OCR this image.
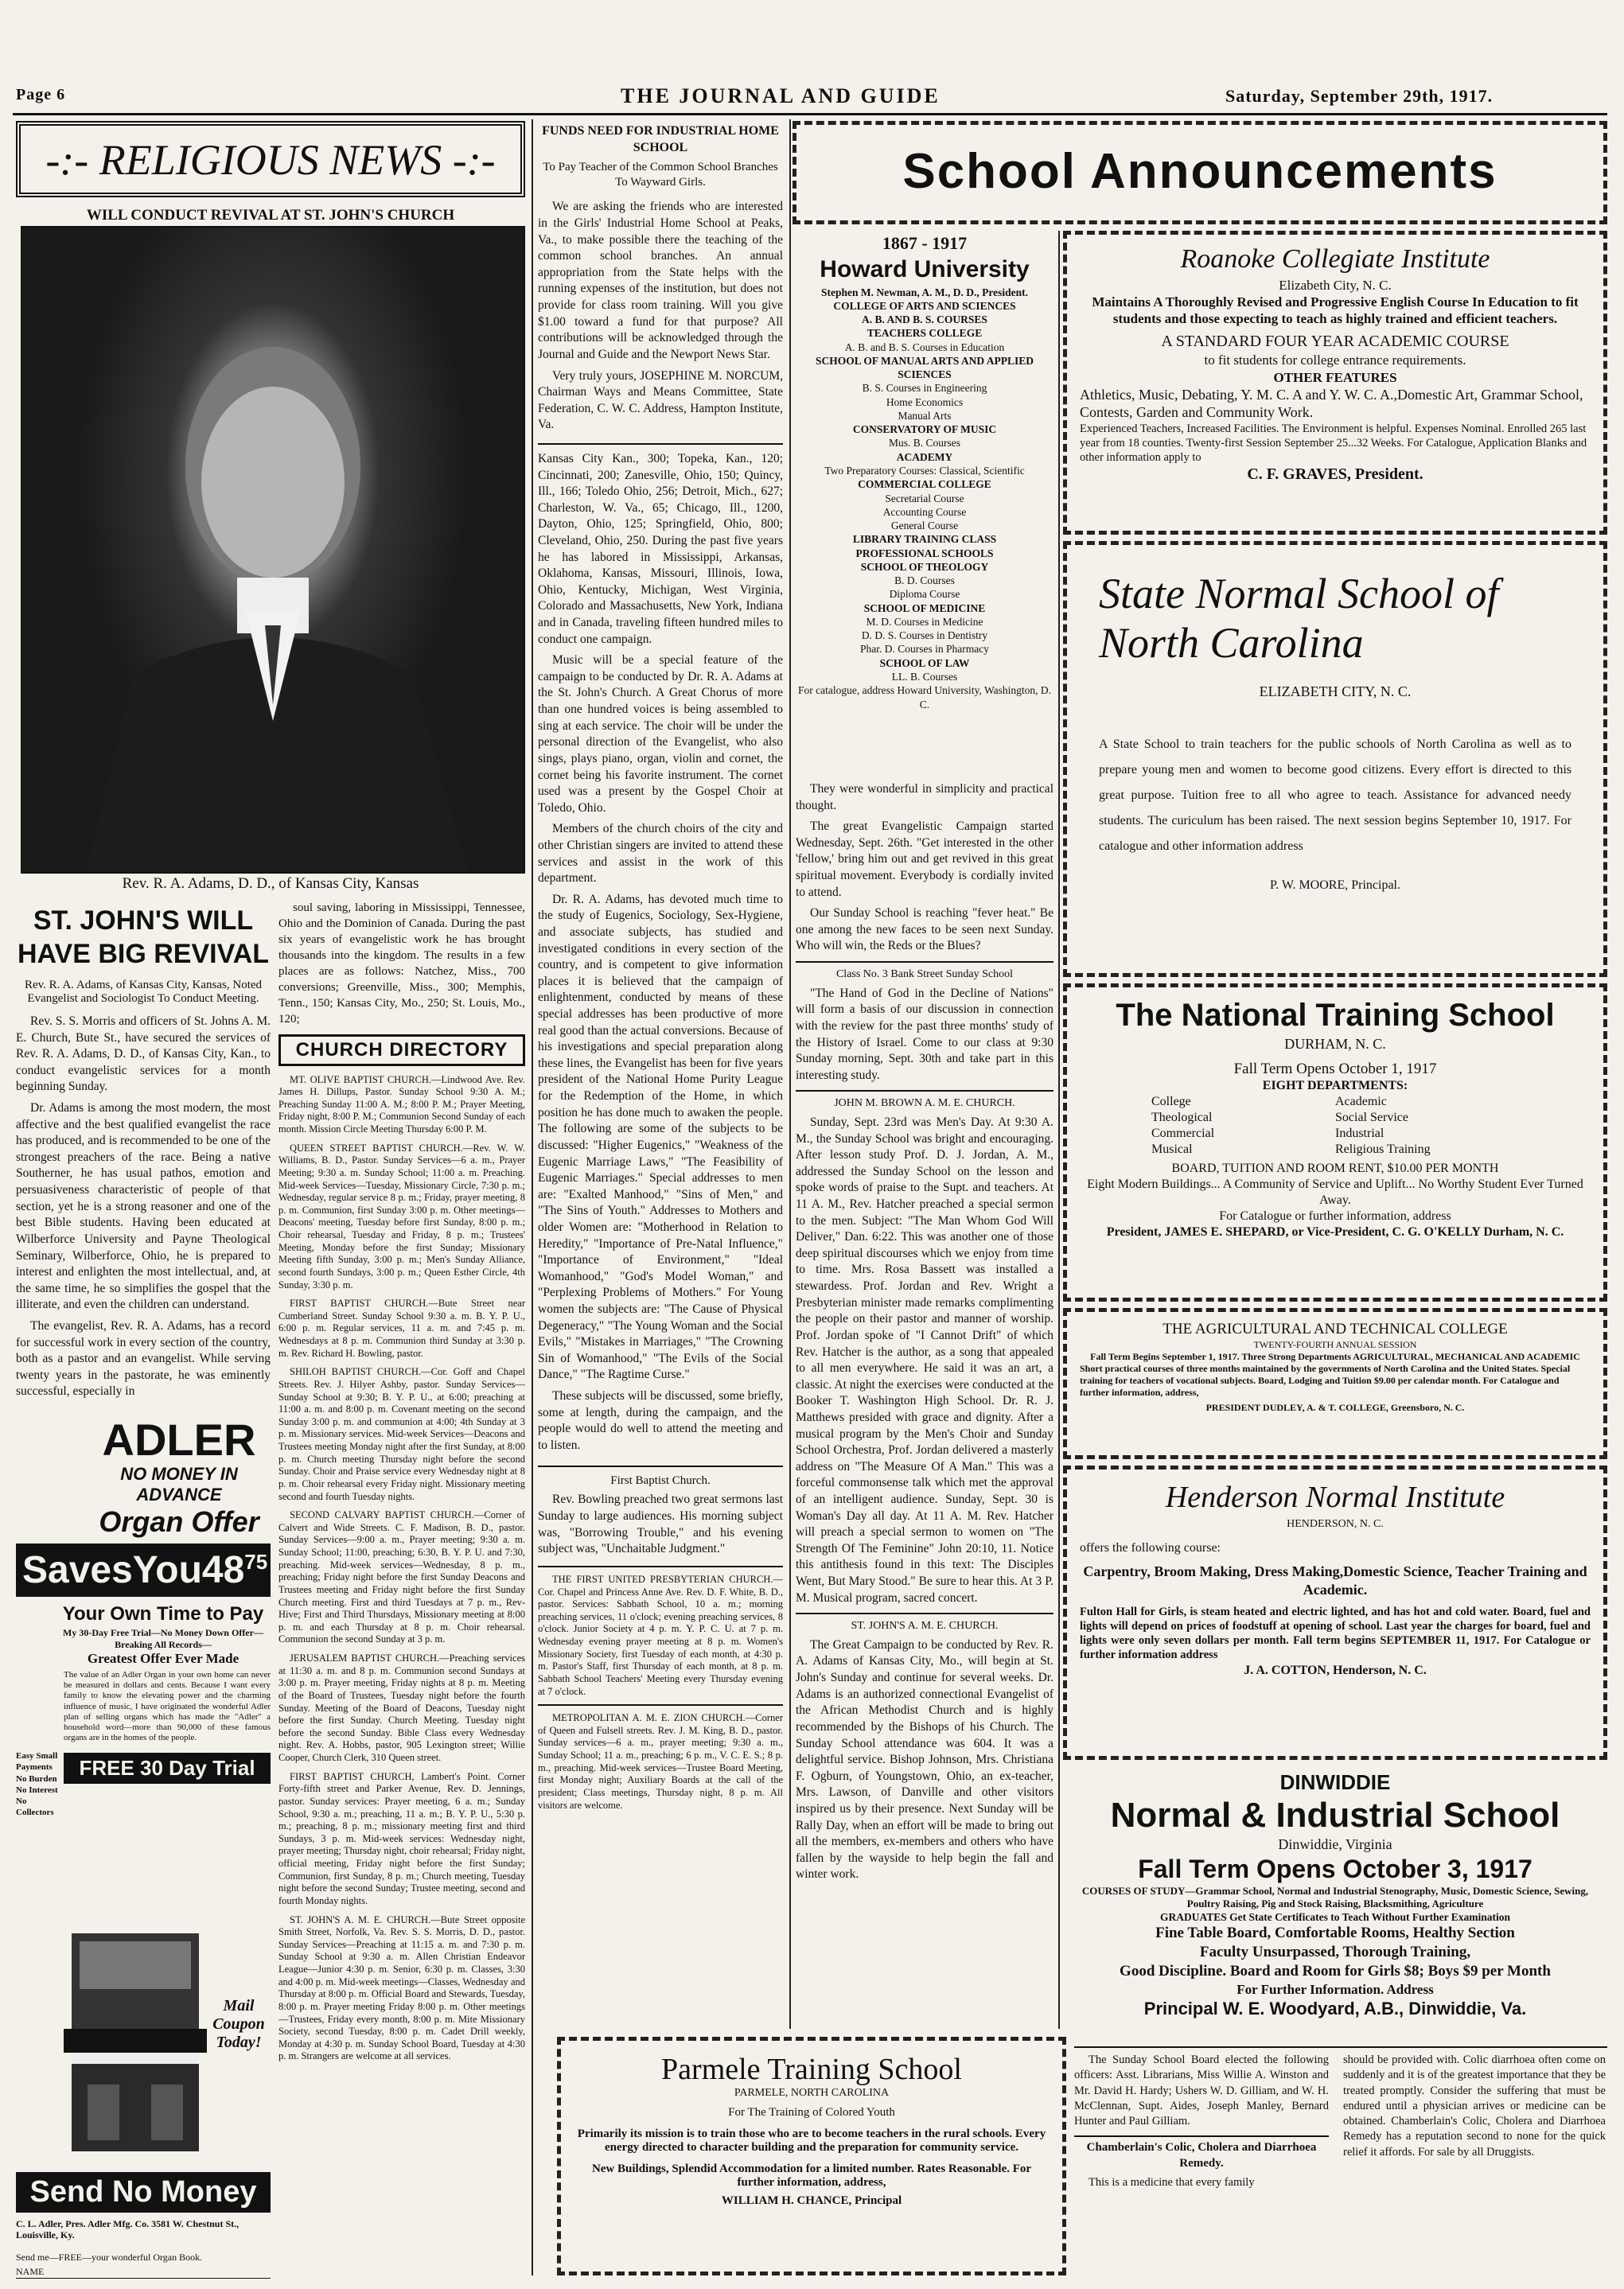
Page 6	THE JOURNAL AND GUIDE	Saturday, September 29th, 1917.
-:- RELIGIOUS NEWS -:-
WILL CONDUCT REVIVAL AT ST. JOHN'S CHURCH
Rev. R. A. Adams, D. D., of Kansas City, Kansas
ST. JOHN'S WILL HAVE BIG REVIVAL
Rev. R. A. Adams, of Kansas City, Kansas, Noted Evangelist and Sociologist To Conduct Meeting.

Rev. S. S. Morris and officers of St. Johns A. M. E. Church, Bute St., have secured the services of Rev. R. A. Adams, D. D., of Kansas City, Kan., to conduct evangelistic services for a month beginning Sunday.

Dr. Adams is among the most modern, the most affective and the best qualified evangelist the race has produced, and is recommended to be one of the strongest preachers of the race. Being a native Southerner, he has usual pathos, emotion and persuasiveness characteristic of people of that section, yet he is a strong reasoner and one of the best Bible students. Having been educated at Wilberforce University and Payne Theological Seminary, Wilberforce, Ohio, he is prepared to interest and enlighten the most intellectual, and, at the same time, he so simplifies the gospel that the illiterate, and even the children can understand.

The evangelist, Rev. R. A. Adams, has a record for successful work in every section of the country, both as a pastor and an evangelist. While serving twenty years in the pastorate, he was eminently successful, especially in

soul saving, laboring in Mississippi, Tennessee, Ohio and the Dominion of Canada. During the past six years of evangelistic work he has brought thousands into the kingdom. The results in a few places are as follows: Natchez, Miss., 700 conversions; Greenville, Miss., 300; Memphis, Tenn., 150; Kansas City, Mo., 250; St. Louis, Mo., 120;

CHURCH DIRECTORY
MT. OLIVE BAPTIST CHURCH.—Lindwood Ave. Rev. James H. Dillups, Pastor. Sunday School 9:30 A. M.; Preaching Sunday 11:00 A. M.; 8:00 P. M.; Prayer Meeting, Friday night, 8:00 P. M.; Communion Second Sunday of each month. Mission Circle Meeting Thursday 6:00 P. M.
QUEEN STREET BAPTIST CHURCH.—Rev. W. W. Williams, B. D., Pastor. Sunday Services—6 a. m., Prayer Meeting; 9:30 a. m. Sunday School; 11:00 a. m. Preaching. Mid-week Services—Tuesday, Missionary Circle, 7:30 p. m.; Wednesday, regular service 8 p. m.; Friday, prayer meeting, 8 p. m. Communion, first Sunday 3:00 p. m. Other meetings—Deacons' meeting, Tuesday before first Sunday, 8:00 p. m.; Choir rehearsal, Tuesday and Friday, 8 p. m.; Trustees' Meeting, Monday before the first Sunday; Missionary Meeting fifth Sunday, 3:00 p. m.; Men's Sunday Alliance, second fourth Sundays, 3:00 p. m.; Queen Esther Circle, 4th Sunday, 3:30 p. m.
FIRST BAPTIST CHURCH.—Bute Street near Cumberland Street. Sunday School 9:30 a. m. B. Y. P. U., 6:00 p. m. Regular services, 11 a. m. and 7:45 p. m. Wednesdays at 8 p. m. Communion third Sunday at 3:30 p. m. Rev. Richard H. Bowling, pastor.
SHILOH BAPTIST CHURCH.—Cor. Goff and Chapel Streets. Rev. J. Hilyer Ashby, pastor. Sunday Services—Sunday School at 9:30; B. Y. P. U., at 6:00; preaching at 11:00 a. m. and 8:00 p. m. Covenant meeting on the second Sunday 3:00 p. m. and communion at 4:00; 4th Sunday at 3 p. m. Missionary services. Mid-week Services—Deacons and Trustees meeting Monday night after the first Sunday, at 8:00 p. m. Church meeting Thursday night before the second Sunday. Choir and Praise service every Wednesday night at 8 p. m. Choir rehearsal every Friday night. Missionary meeting second and fourth Tuesday nights.
SECOND CALVARY BAPTIST CHURCH.—Corner of Calvert and Wide Streets. C. F. Madison, B. D., pastor. Sunday Services—9:00 a. m., Prayer meeting; 9:30 a. m. Sunday School; 11:00, preaching; 6:30, B. Y. P. U. and 7:30, preaching. Mid-week services—Wednesday, 8 p. m., preaching; Friday night before the first Sunday Deacons and Trustees meeting and Friday night before the first Sunday Church meeting. First and third Tuesdays at 7 p. m., Rev-Hive; First and Third Thursdays, Missionary meeting at 8:00 p. m. and each Thursday at 8 p. m. Choir rehearsal. Communion the second Sunday at 3 p. m.
JERUSALEM BAPTIST CHURCH.—Preaching services at 11:30 a. m. and 8 p. m. Communion second Sundays at 3:00 p. m. Prayer meeting, Friday nights at 8 p. m. Meeting of the Board of Trustees, Tuesday night before the fourth Sunday. Meeting of the Board of Deacons, Tuesday night before the first Sunday. Church Meeting. Tuesday night before the second Sunday. Bible Class every Wednesday night. Rev. A. Hobbs, pastor, 905 Lexington street; Willie Cooper, Church Clerk, 310 Queen street.
FIRST BAPTIST CHURCH, Lambert's Point. Corner Forty-fifth street and Parker Avenue, Rev. D. Jennings, pastor. Sunday services: Prayer meeting, 6 a. m.; Sunday School, 9:30 a. m.; preaching, 11 a. m.; B. Y. P. U., 5:30 p. m.; preaching, 8 p. m.; missionary meeting first and third Sundays, 3 p. m. Mid-week services: Wednesday night, prayer meeting; Thursday night, choir rehearsal; Friday night, official meeting, Friday night before the first Sunday; Communion, first Sunday, 8 p. m.; Church meeting, Tuesday night before the second Sunday; Trustee meeting, second and fourth Monday nights.
ST. JOHN'S A. M. E. CHURCH.—Bute Street opposite Smith Street, Norfolk, Va. Rev. S. S. Morris, D. D., pastor. Sunday Services—Preaching at 11:15 a. m. and 7:30 p. m. Sunday School at 9:30 a. m. Allen Christian Endeavor League—Junior 4:30 p. m. Senior, 6:30 p. m. Classes, 3:30 and 4:00 p. m. Mid-week meetings—Classes, Wednesday and Thursday at 8:00 p. m. Official Board and Stewards, Tuesday, 8:00 p. m. Prayer meeting Friday 8:00 p. m. Other meetings—Trustees, Friday every month, 8:00 p. m. Mite Missionary Society, second Tuesday, 8:00 p. m. Cadet Drill weekly, Monday at 4:30 p. m. Sunday School Board, Tuesday at 4:30 p. m. Strangers are welcome at all services.
ADLER
NO MONEY IN ADVANCE
Organ Offer
$SavesYou48^{75}$
Your Own Time to Pay
My 30-Day Free Trial—No Money Down Offer—Breaking All Records—
Greatest Offer Ever Made
The value of an Adler Organ in your own home can never be measured in dollars and cents. Because I want every family to know the elevating power and the charming influence of music, I have originated the wonderful Adler plan of selling organs which has made the "Adler" a household word—more than 90,000 of these famous organs are in the homes of the people.
Easy Small Payments No Burden No Interest No Collectors
FREE 30 Day Trial
Mail Coupon Today!
Send No Money
C. L. Adler, Pres. Adler Mfg. Co. 3581 W. Chestnut St., Louisville, Ky.
Send me—FREE—your wonderful Organ Book.
NAME
FUNDS NEED FOR INDUSTRIAL HOME SCHOOL
To Pay Teacher of the Common School Branches To Wayward Girls.

We are asking the friends who are interested in the Girls' Industrial Home School at Peaks, Va., to make possible there the teaching of the common school branches. An annual appropriation from the State helps with the running expenses of the institution, but does not provide for class room training. Will you give $1.00 toward a fund for that purpose? All contributions will be acknowledged through the Journal and Guide and the Newport News Star.

Very truly yours, JOSEPHINE M. NORCUM, Chairman Ways and Means Committee, State Federation, C. W. C. Address, Hampton Institute, Va.

Kansas City Kan., 300; Topeka, Kan., 120; Cincinnati, 200; Zanesville, Ohio, 150; Quincy, Ill., 166; Toledo Ohio, 256; Detroit, Mich., 627; Charleston, W. Va., 65; Chicago, Ill., 1200, Dayton, Ohio, 125; Springfield, Ohio, 800; Cleveland, Ohio, 250. During the past five years he has labored in Mississippi, Arkansas, Oklahoma, Kansas, Missouri, Illinois, Iowa, Ohio, Kentucky, Michigan, West Virginia, Colorado and Massachusetts, New York, Indiana and in Canada, traveling fifteen hundred miles to conduct one campaign.

Music will be a special feature of the campaign to be conducted by Dr. R. A. Adams at the St. John's Church. A Great Chorus of more than one hundred voices is being assembled to sing at each service. The choir will be under the personal direction of the Evangelist, who also sings, plays piano, organ, violin and cornet, the cornet being his favorite instrument. The cornet used was a present by the Gospel Choir at Toledo, Ohio.

Members of the church choirs of the city and other Christian singers are invited to attend these services and assist in the work of this department.

Dr. R. A. Adams, has devoted much time to the study of Eugenics, Sociology, Sex-Hygiene, and associate subjects, has studied and investigated conditions in every section of the country, and is competent to give information places it is believed that the campaign of enlightenment, conducted by means of these special addresses has been productive of more real good than the actual conversions. Because of his investigations and special preparation along these lines, the Evangelist has been for five years president of the National Home Purity League for the Redemption of the Home, in which position he has done much to awaken the people. The following are some of the subjects to be discussed: "Higher Eugenics," "Weakness of the Eugenic Marriage Laws," "The Feasibility of Eugenic Marriages." Special addresses to men are: "Exalted Manhood," "Sins of Men," and "The Sins of Youth." Addresses to Mothers and older Women are: "Motherhood in Relation to Heredity," "Importance of Pre-Natal Influence," "Importance of Environment," "Ideal Womanhood," "God's Model Woman," and "Perplexing Problems of Mothers." For Young women the subjects are: "The Cause of Physical Degeneracy," "The Young Woman and the Social Evils," "Mistakes in Marriages," "The Crowning Sin of Womanhood," "The Evils of the Social Dance," "The Ragtime Curse."

These subjects will be discussed, some briefly, some at length, during the campaign, and the people would do well to attend the meeting and to listen.

First Baptist Church.

Rev. Bowling preached two great sermons last Sunday to large audiences. His morning subject was, "Borrowing Trouble," and his evening subject was, "Unchaitable Judgment."

THE FIRST UNITED PRESBYTERIAN CHURCH.—Cor. Chapel and Princess Anne Ave. Rev. D. F. White, B. D., pastor. Services: Sabbath School, 10 a. m.; morning preaching services, 11 o'clock; evening preaching services, 8 o'clock. Junior Society at 4 p. m. Y. P. C. U. at 7 p. m. Wednesday evening prayer meeting at 8 p. m. Women's Missionary Society, first Tuesday of each month, at 4:30 p. m. Pastor's Staff, first Thursday of each month, at 8 p. m. Sabbath School Teachers' Meeting every Thursday evening at 7 o'clock.

METROPOLITAN A. M. E. ZION CHURCH.—Corner of Queen and Fulsell streets. Rev. J. M. King, B. D., pastor. Sunday services—6 a. m., prayer meeting; 9:30 a. m., Sunday School; 11 a. m., preaching; 6 p. m., V. C. E. S.; 8 p. m., preaching. Mid-week services—Trustee Board Meeting, first Monday night; Auxiliary Boards at the call of the president; Class meetings, Thursday night, 8 p. m. All visitors are welcome.

School Announcements
1867 - 1917
Howard University
Stephen M. Newman, A. M., D. D., President.
COLLEGE OF ARTS AND SCIENCES
A. B. AND B. S. COURSES
TEACHERS COLLEGE
A. B. and B. S. Courses in Education
SCHOOL OF MANUAL ARTS AND APPLIED SCIENCES
B. S. Courses in Engineering
Home Economics
Manual Arts
CONSERVATORY OF MUSIC
Mus. B. Courses
ACADEMY
Two Preparatory Courses: Classical, Scientific
COMMERCIAL COLLEGE
Secretarial Course
Accounting Course
General Course
LIBRARY TRAINING CLASS
PROFESSIONAL SCHOOLS
SCHOOL OF THEOLOGY
B. D. Courses
Diploma Course
SCHOOL OF MEDICINE
M. D. Courses in Medicine
D. D. S. Courses in Dentistry
Phar. D. Courses in Pharmacy
SCHOOL OF LAW
LL. B. Courses
For catalogue, address Howard University, Washington, D. C.

They were wonderful in simplicity and practical thought.

The great Evangelistic Campaign started Wednesday, Sept. 26th. "Get interested in the other 'fellow,' bring him out and get revived in this great spiritual movement. Everybody is cordially invited to attend.

Our Sunday School is reaching "fever heat." Be one among the new faces to be seen next Sunday. Who will win, the Reds or the Blues?

Class No. 3 Bank Street Sunday School

"The Hand of God in the Decline of Nations" will form a basis of our discussion in connection with the review for the past three months' study of the History of Israel. Come to our class at 9:30 Sunday morning, Sept. 30th and take part in this interesting study.

JOHN M. BROWN A. M. E. CHURCH.

Sunday, Sept. 23rd was Men's Day. At 9:30 A. M., the Sunday School was bright and encouraging. After lesson study Prof. D. J. Jordan, A. M., addressed the Sunday School on the lesson and spoke words of praise to the Supt. and teachers. At 11 A. M., Rev. Hatcher preached a special sermon to the men. Subject: "The Man Whom God Will Deliver," Dan. 6:22. This was another one of those deep spiritual discourses which we enjoy from time to time. Mrs. Rosa Bassett was installed a stewardess. Prof. Jordan and Rev. Wright a Presbyterian minister made remarks complimenting the people on their pastor and manner of worship. Prof. Jordan spoke of "I Cannot Drift" of which Rev. Hatcher is the author, as a song that appealed to all men everywhere. He said it was an art, a classic. At night the exercises were conducted at the Booker T. Washington High School. Dr. R. J. Matthews presided with grace and dignity. After a musical program by the Men's Choir and Sunday School Orchestra, Prof. Jordan delivered a masterly address on "The Measure Of A Man." This was a forceful commonsense talk which met the approval of an intelligent audience. Sunday, Sept. 30 is Woman's Day all day. At 11 A. M. Rev. Hatcher will preach a special sermon to women on "The Strength Of The Feminine" John 20:10, 11. Notice this antithesis found in this text: The Disciples Went, But Mary Stood." Be sure to hear this. At 3 P. M. Musical program, sacred concert.

ST. JOHN'S A. M. E. CHURCH.

The Great Campaign to be conducted by Rev. R. A. Adams of Kansas City, Mo., will begin at St. John's Sunday and continue for several weeks. Dr. Adams is an authorized connectional Evangelist of the African Methodist Church and is highly recommended by the Bishops of his Church. The Sunday School attendance was 604. It was a delightful service. Bishop Johnson, Mrs. Christiana F. Ogburn, of Youngstown, Ohio, an ex-teacher, Mrs. Lawson, of Danville and other visitors inspired us by their presence. Next Sunday will be Rally Day, when an effort will be made to bring out all the members, ex-members and others who have fallen by the wayside to help begin the fall and winter work.

Parmele Training School
PARMELE, NORTH CAROLINA
For The Training of Colored Youth
Primarily its mission is to train those who are to become teachers in the rural schools. Every energy directed to character building and the preparation for community service.
New Buildings, Splendid Accommodation for a limited number. Rates Reasonable. For further information, address,
WILLIAM H. CHANCE, Principal
Roanoke Collegiate Institute
Elizabeth City, N. C.
Maintains A Thoroughly Revised and Progressive English Course In Education to fit students and those expecting to teach as highly trained and efficient teachers.
A STANDARD FOUR YEAR ACADEMIC COURSE
to fit students for college entrance requirements.
OTHER FEATURES
Athletics, Music, Debating, Y. M. C. A and Y. W. C. A.,Domestic Art, Grammar School, Contests, Garden and Community Work.
Experienced Teachers, Increased Facilities. The Environment is helpful. Expenses Nominal. Enrolled 265 last year from 18 counties. Twenty-first Session September 25...32 Weeks. For Catalogue, Application Blanks and other information apply to
C. F. GRAVES, President.
State Normal School of
North Carolina
ELIZABETH CITY, N. C.
A State School to train teachers for the public schools of North Carolina as well as to prepare young men and women to become good citizens. Every effort is directed to this great purpose. Tuition free to all who agree to teach. Assistance for advanced needy students. The curiculum has been raised. The next session begins September 10, 1917. For catalogue and other information address
P. W. MOORE, Principal.
The National Training School
DURHAM, N. C.
Fall Term Opens October 1, 1917
EIGHT DEPARTMENTS:
College	Academic
Theological	Social Service
Commercial	Industrial
Musical	Religious Training
BOARD, TUITION AND ROOM RENT, $10.00 PER MONTH
Eight Modern Buildings... A Community of Service and Uplift... No Worthy Student Ever Turned Away.
For Catalogue or further information, address
President, JAMES E. SHEPARD, or Vice-President, C. G. O'KELLY Durham, N. C.
THE AGRICULTURAL AND TECHNICAL COLLEGE
TWENTY-FOURTH ANNUAL SESSION
Fall Term Begins September 1, 1917. Three Strong Departments AGRICULTURAL, MECHANICAL AND ACADEMIC
Short practical courses of three months maintained by the governments of North Carolina and the United States. Special training for teachers of vocational subjects. Board, Lodging and Tuition $9.00 per calendar month. For Catalogue and further information, address,
PRESIDENT DUDLEY, A. & T. COLLEGE, Greensboro, N. C.
Henderson Normal Institute
HENDERSON, N. C.
offers the following course:
Carpentry, Broom Making, Dress Making,Domestic Science, Teacher Training and Academic.
Fulton Hall for Girls, is steam heated and electric lighted, and has hot and cold water. Board, fuel and lights will depend on prices of foodstuff at opening of school. Last year the charges for board, fuel and lights were only seven dollars per month. Fall term begins SEPTEMBER 11, 1917. For Catalogue or further information address
J. A. COTTON, Henderson, N. C.
DINWIDDIE
Normal & Industrial School
Dinwiddie, Virginia
Fall Term Opens October 3, 1917
COURSES OF STUDY—Grammar School, Normal and Industrial Stenography, Music, Domestic Science, Sewing, Poultry Raising, Pig and Stock Raising, Blacksmithing, Agriculture
GRADUATES Get State Certificates to Teach Without Further Examination
Fine Table Board, Comfortable Rooms, Healthy Section
Faculty Unsurpassed, Thorough Training,
Good Discipline. Board and Room for Girls $8; Boys $9 per Month
For Further Information. Address
Principal W. E. Woodyard, A.B., Dinwiddie, Va.

The Sunday School Board elected the following officers: Asst. Librarians, Miss Willie A. Winston and Mr. David H. Hardy; Ushers W. D. Gilliam, and W. H. McClennan, Supt. Aides, Joseph Manley, Bernard Hunter and Paul Gilliam.

Chamberlain's Colic, Cholera and Diarrhoea Remedy.

This is a medicine that every family

should be provided with. Colic diarrhoea often come on suddenly and it is of the greatest importance that they be treated promptly. Consider the suffering that must be endured until a physician arrives or medicine can be obtained. Chamberlain's Colic, Cholera and Diarrhoea Remedy has a reputation second to none for the quick relief it affords. For sale by all Druggists.
